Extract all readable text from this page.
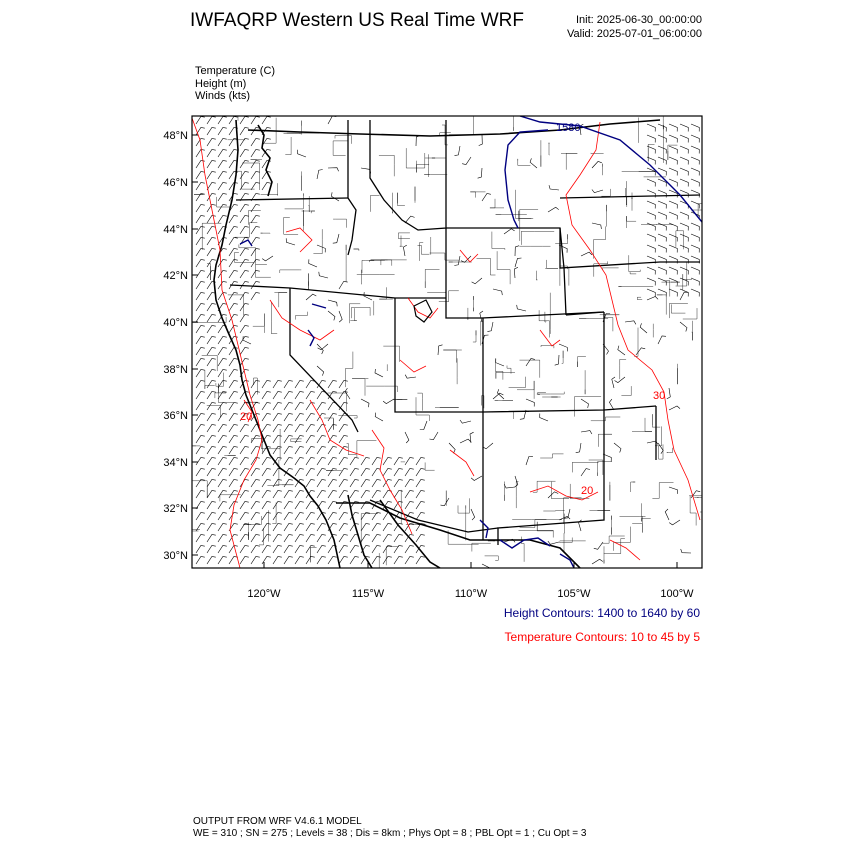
IWFAQRP Western US Real Time WRF	Init: 2025-06-30_00:00:00
Valid: 2025-07-01_06:00:00
Temperature (C)
Height (m)
Winds (kts)
1580
30
20
20
48°N
46°N
44°N
42°N
40°N
38°N
36°N
34°N
32°N
30°N
120°W	115°W	110°W	105°W	100°W
Height Contours: 1400 to 1640 by 60
Temperature Contours: 10 to 45 by 5
OUTPUT FROM WRF V4.6.1 MODEL
WE = 310 ; SN = 275 ; Levels = 38 ; Dis = 8km ; Phys Opt = 8 ; PBL Opt = 1 ; Cu Opt = 3
